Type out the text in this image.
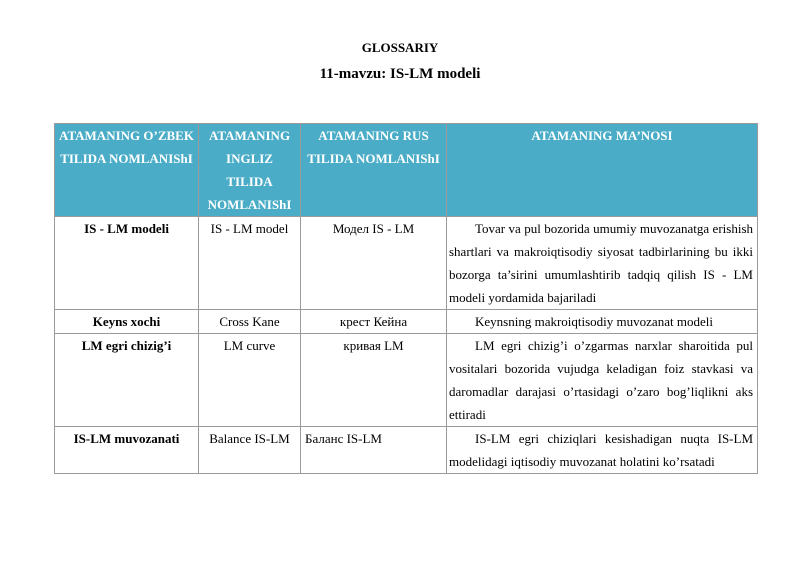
GLOSSARIY
11-mavzu: IS-LM modeli
ATAMANING O’ZBEK TILIDA NOMLANIShI	ATAMANING INGLIZ TILIDA NOMLANIShI	ATAMANING RUS TILIDA NOMLANIShI	ATAMANING MA’NOSI
IS - LM modeli	IS - LM model	Модел IS - LM	Tovar va pul bozorida umumiy muvozanatga erishish shartlari va makroiqtisodiy siyosat tadbirlarining bu ikki bozorga ta’sirini umumlashtirib tadqiq qilish IS - LM modeli yordamida bajariladi
Keyns xochi	Cross Kane	крест Кейна	Keynsning makroiqtisodiy muvozanat modeli
LM egri chizig’i	LM curve	кривая LM	LM egri chizig’i o’zgarmas narxlar sharoitida pul vositalari bozorida vujudga keladigan foiz stavkasi va daromadlar darajasi o’rtasidagi o’zaro bog’liqlikni aks ettiradi
IS-LM muvozanati	Balance IS-LM	Баланс IS-LM	IS-LM egri chiziqlari kesishadigan nuqta IS-LM modelidagi iqtisodiy muvozanat holatini ko’rsatadi
